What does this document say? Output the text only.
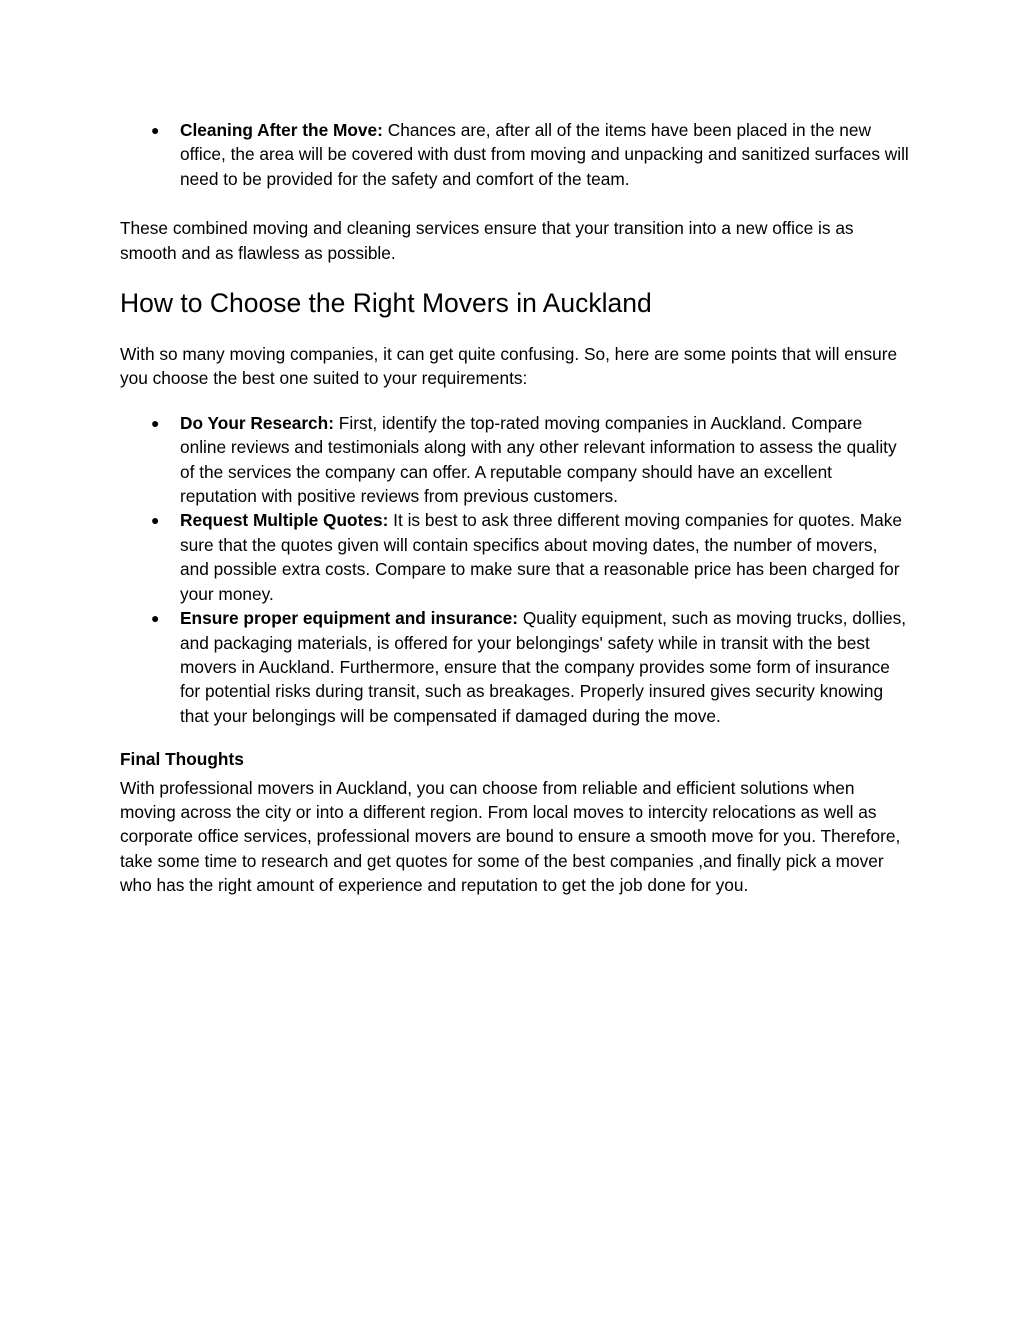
● Cleaning After the Move: Chances are, after all of the items have been placed in the new office, the area will be covered with dust from moving and unpacking and sanitized surfaces will need to be provided for the safety and comfort of the team.

These combined moving and cleaning services ensure that your transition into a new office is as smooth and as flawless as possible.

How to Choose the Right Movers in Auckland

With so many moving companies, it can get quite confusing. So, here are some points that will ensure you choose the best one suited to your requirements:

● Do Your Research: First, identify the top-rated moving companies in Auckland. Compare online reviews and testimonials along with any other relevant information to assess the quality of the services the company can offer. A reputable company should have an excellent reputation with positive reviews from previous customers.
● Request Multiple Quotes: It is best to ask three different moving companies for quotes. Make sure that the quotes given will contain specifics about moving dates, the number of movers, and possible extra costs. Compare to make sure that a reasonable price has been charged for your money.
● Ensure proper equipment and insurance: Quality equipment, such as moving trucks, dollies, and packaging materials, is offered for your belongings' safety while in transit with the best movers in Auckland. Furthermore, ensure that the company provides some form of insurance for potential risks during transit, such as breakages. Properly insured gives security knowing that your belongings will be compensated if damaged during the move.
Final Thoughts

With professional movers in Auckland, you can choose from reliable and efficient solutions when moving across the city or into a different region. From local moves to intercity relocations as well as corporate office services, professional movers are bound to ensure a smooth move for you. Therefore, take some time to research and get quotes for some of the best companies ,and finally pick a mover who has the right amount of experience and reputation to get the job done for you.
